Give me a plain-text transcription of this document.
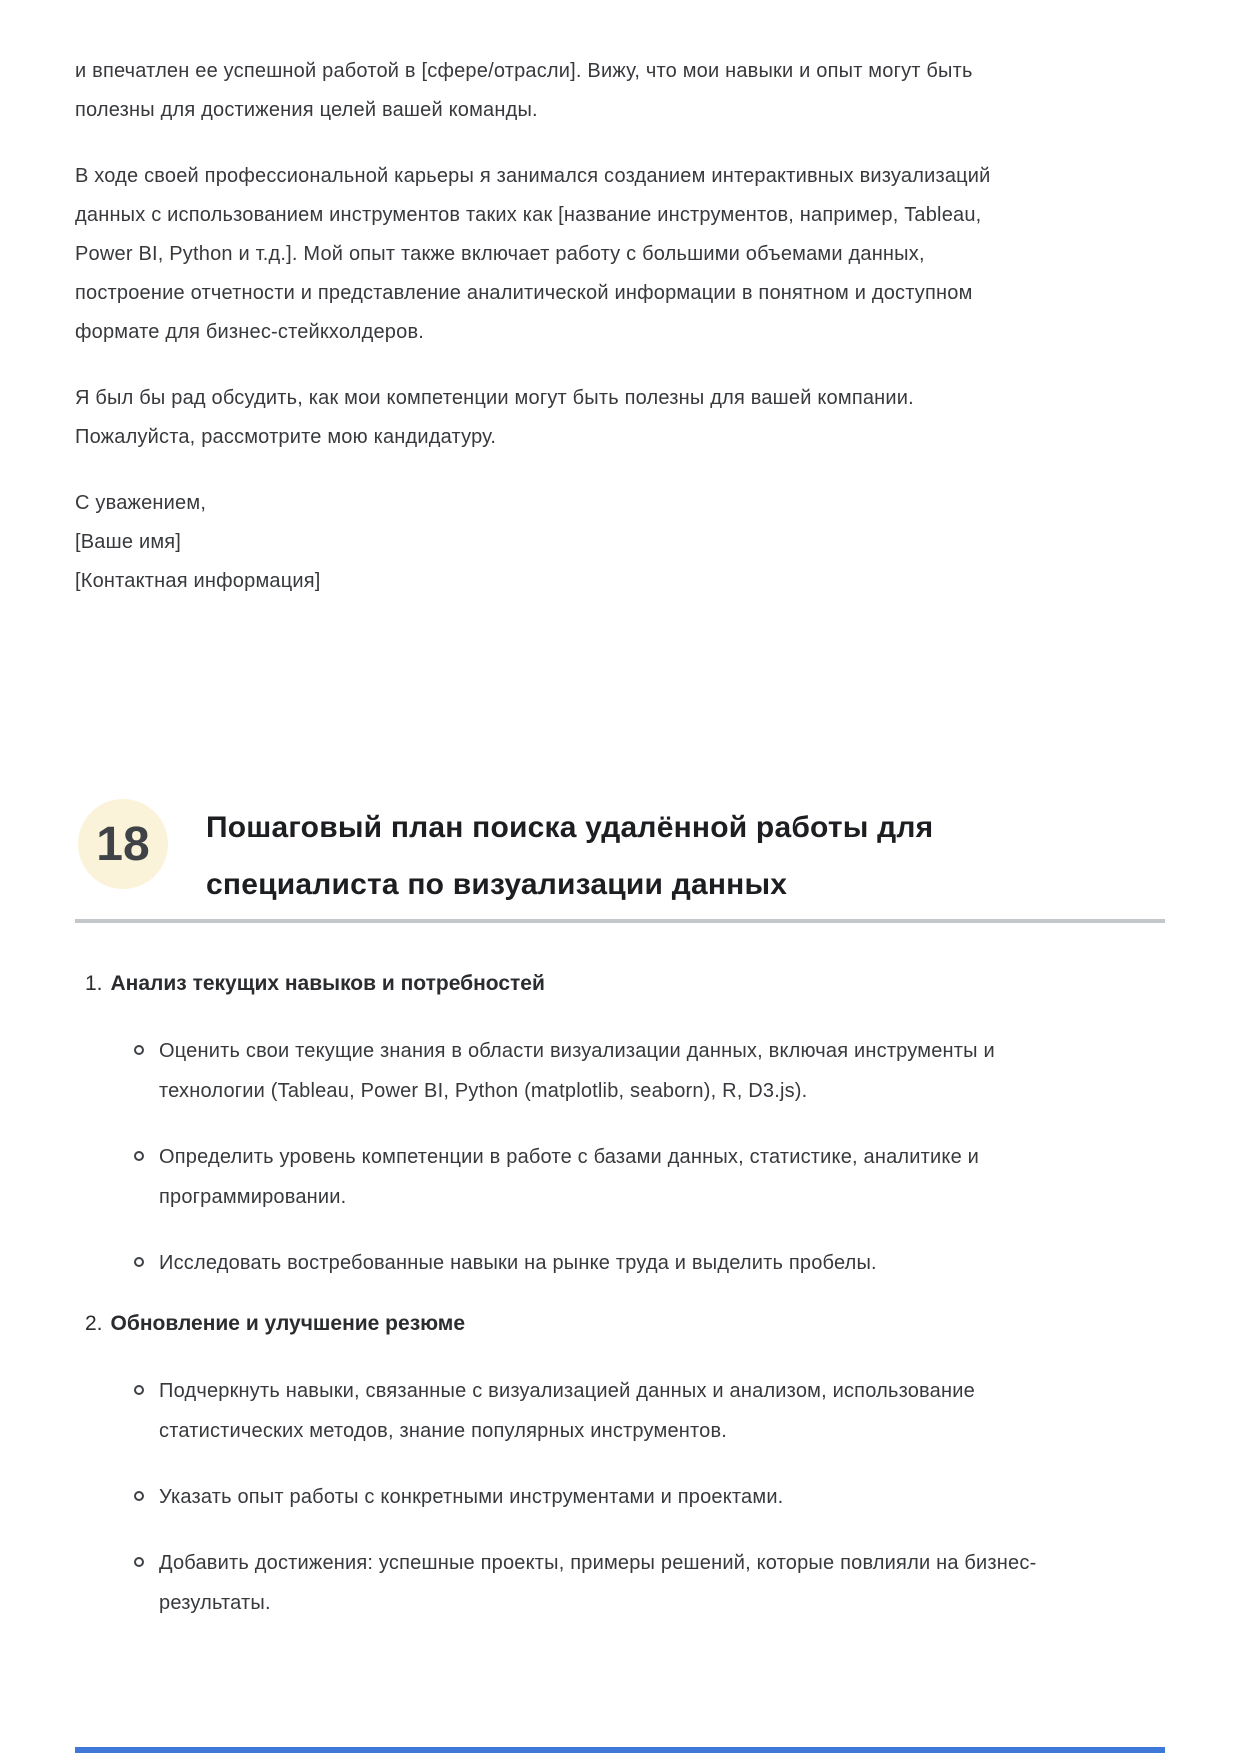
и впечатлен ее успешной работой в [сфере/отрасли]. Вижу, что мои навыки и опыт могут быть полезны для достижения целей вашей команды.

В ходе своей профессиональной карьеры я занимался созданием интерактивных визуализаций данных с использованием инструментов таких как [название инструментов, например, Tableau, Power BI, Python и т.д.]. Мой опыт также включает работу с большими объемами данных, построение отчетности и представление аналитической информации в понятном и доступном формате для бизнес-стейкхолдеров.

Я был бы рад обсудить, как мои компетенции могут быть полезны для вашей компании. Пожалуйста, рассмотрите мою кандидатуру.

С уважением,
[Ваше имя]
[Контактная информация]

18 Пошаговый план поиска удалённой работы для специалиста по визуализации данных
1. Анализ текущих навыков и потребностей
Оценить свои текущие знания в области визуализации данных, включая инструменты и технологии (Tableau, Power BI, Python (matplotlib, seaborn), R, D3.js).
Определить уровень компетенции в работе с базами данных, статистике, аналитике и программировании.
Исследовать востребованные навыки на рынке труда и выделить пробелы.
2. Обновление и улучшение резюме
Подчеркнуть навыки, связанные с визуализацией данных и анализом, использование статистических методов, знание популярных инструментов.
Указать опыт работы с конкретными инструментами и проектами.
Добавить достижения: успешные проекты, примеры решений, которые повлияли на бизнес-результаты.
